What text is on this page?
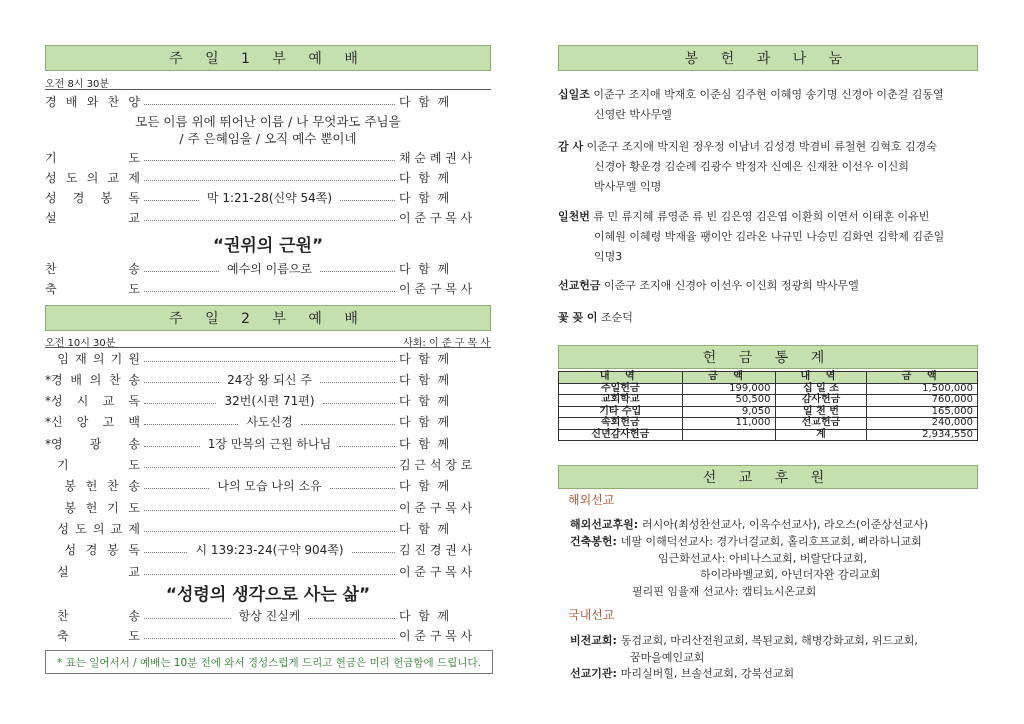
주 일 1 부 예 배
오전 8시 30분
경 배 와 찬 양	다  함  께
모든 이름 위에 뛰어난 이름 / 나 무엇과도 주님을
/ 주 은혜임을 / 오직 예수 뿐이네
기          도	채 순 례 권 사
성 도 의 교 제	다  함  께
성 경 봉 독	막 1:21-28(신약 54쪽)	다  함  께
설          교	이 준 구 목 사
“권위의 근원”
찬          송	예수의 이름으로	다  함  께
축          도	이 준 구 목 사
주 일 2 부 예 배
오전 10시 30분	사회: 이 준 구 목 사
임 재 의 기 원	다  함  께
*경 배 의 찬 송	24장 왕 되신 주	다  함  께
*성  시  교  독	32번(시편 71편)	다  함  께
*신  앙  고  백	사도신경	다  함  께
*영    광    송	1장 만복의 근원 하나님	다  함  께
기          도	김 근 석 장 로
봉 헌 찬 송	나의 모습 나의 소유	다  함  께
봉 헌 기 도	이 준 구 목 사
성 도 의 교 제	다  함  께
성 경 봉 독	시 139:23-24(구약 904쪽)	김 진 경 권 사
설          교	이 준 구 목 사
“성령의 생각으로 사는 삶”
찬          송	항상 진실케	다  함  께
축          도	이 준 구 목 사
* 표는 일어서서 / 예배는 10분 전에 와서 경성스럽게 드리고 헌금은 미리 헌금함에 드립니다.
봉 헌 과 나 눔
십일조 이준구 조지애 박재호 이준심 김주현 이혜영 송기명 신경아 이춘걸 김동열
신영란 박사무엘
감 사 이준구 조지애 박지원 정우정 이남녀 김성경 박겸비 류철현 김혁호 김경숙
신경아 황운경 김순례 김광수 박정자 신예은 신재찬 이선우 이신희
박사무엘 익명
일천번 류 민 류지혜 류영준 류 빈 김은영 김은엽 이환희 이연서 이태훈 이유빈
이혜원 이혜령 박재율 팽이안 김라온 나규민 나승민 김화연 김학제 김준일
익명3
선교헌금 이준구 조지애 신경아 이선우 이신희 정광희 박사무엘
꽃 꽂 이 조순덕
헌 금 통 계
내 역	금 액	내 역	금 액
주일헌금	199,000	십 일 조	1,500,000
교회학교	50,500	감사헌금	760,000
기타 수입	9,050	일 천 번	165,000
속회헌금	11,000	선교헌금	240,000
신년감사헌금		계	2,934,550
선 교 후 원
해외선교
해외선교후원: 러시아(최성찬선교사, 이옥수선교사), 라오스(이준상선교사)
건축봉헌: 네팔 이해덕선교사: 경가너걸교회, 홀리호프교회, 삐라하니교회
임근화선교사: 아비나스교회, 버랄단다교회,
하이라바벨교회, 아넌더자완 감리교회
필리핀 임율재 선교사: 캠티뇨시온교회
국내선교
비전교회: 동검교회, 마리산전원교회, 복된교회, 해병강화교회, 위드교회,
꿈마을예인교회
선교기관: 마리실버힐, 브솔선교회, 강북선교회
